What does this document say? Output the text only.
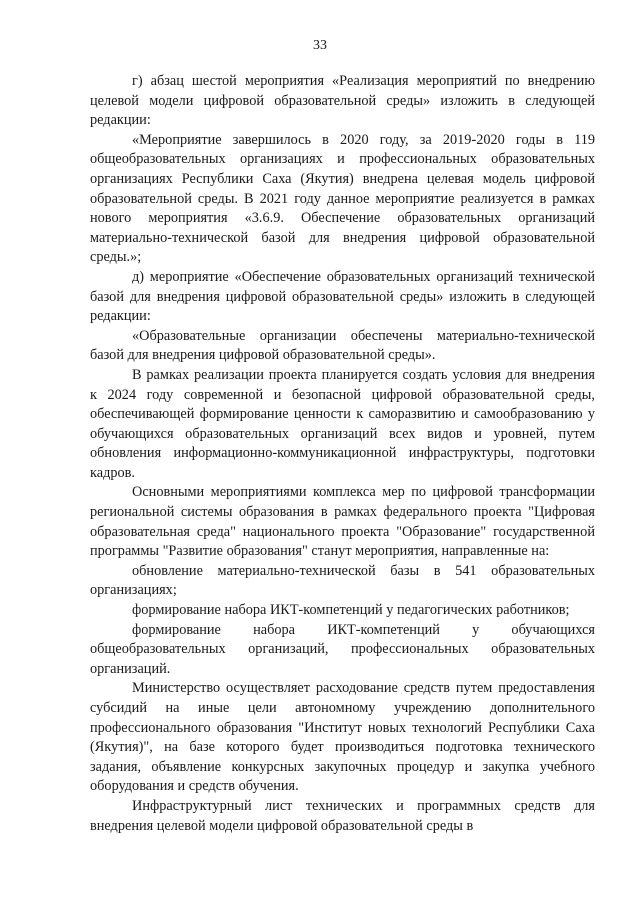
33

г) абзац шестой мероприятия «Реализация мероприятий по внедрению целевой модели цифровой образовательной среды» изложить в следующей редакции:

«Мероприятие завершилось в 2020 году, за 2019-2020 годы в 119 общеобразовательных организациях и профессиональных образовательных организациях Республики Саха (Якутия) внедрена целевая модель цифровой образовательной среды. В 2021 году данное мероприятие реализуется в рамках нового мероприятия «3.6.9. Обеспечение образовательных организаций материально-технической базой для внедрения цифровой образовательной среды.»;

д) мероприятие «Обеспечение образовательных организаций технической базой для внедрения цифровой образовательной среды» изложить в следующей редакции:

«Образовательные организации обеспечены материально-технической базой для внедрения цифровой образовательной среды».

В рамках реализации проекта планируется создать условия для внедрения к 2024 году современной и безопасной цифровой образовательной среды, обеспечивающей формирование ценности к саморазвитию и самообразованию у обучающихся образовательных организаций всех видов и уровней, путем обновления информационно-коммуникационной инфраструктуры, подготовки кадров.

Основными мероприятиями комплекса мер по цифровой трансформации региональной системы образования в рамках федерального проекта "Цифровая образовательная среда" национального проекта "Образование" государственной программы "Развитие образования" станут мероприятия, направленные на:

обновление материально-технической базы в 541 образовательных организациях;

формирование набора ИКТ-компетенций у педагогических работников;

формирование набора ИКТ-компетенций у обучающихся общеобразовательных организаций, профессиональных образовательных организаций.

Министерство осуществляет расходование средств путем предоставления субсидий на иные цели автономному учреждению дополнительного профессионального образования "Институт новых технологий Республики Саха (Якутия)", на базе которого будет производиться подготовка технического задания, объявление конкурсных закупочных процедур и закупка учебного оборудования и средств обучения.

Инфраструктурный лист технических и программных средств для внедрения целевой модели цифровой образовательной среды в
